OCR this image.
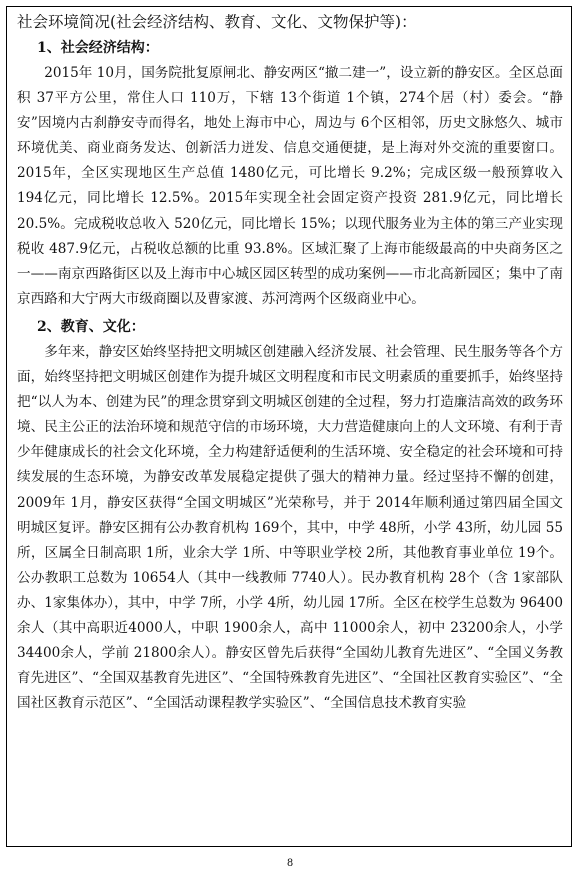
社会环境简况(社会经济结构、教育、文化、文物保护等)：
1、社会经济结构：

2015年 10月，国务院批复原闸北、静安两区“撤二建一”，设立新的静安区。全区总面积 37平方公里，常住人口 110万，下辖 13个街道 1个镇，274个居（村）委会。“静安”因境内古刹静安寺而得名，地处上海市中心，周边与 6个区相邻，历史文脉悠久、城市环境优美、商业商务发达、创新活力迸发、信息交通便捷，是上海对外交流的重要窗口。2015年，全区实现地区生产总值 1480亿元，可比增长 9.2%；完成区级一般预算收入 194亿元，同比增长 12.5%。2015年实现全社会固定资产投资 281.9亿元，同比增长 20.5%。完成税收总收入 520亿元，同比增长 15%；以现代服务业为主体的第三产业实现税收 487.9亿元，占税收总额的比重 93.8%。区域汇聚了上海市能级最高的中央商务区之一——南京西路街区以及上海市中心城区园区转型的成功案例——市北高新园区；集中了南京西路和大宁两大市级商圈以及曹家渡、苏河湾两个区级商业中心。

2、教育、文化：

多年来，静安区始终坚持把文明城区创建融入经济发展、社会管理、民生服务等各个方面，始终坚持把文明城区创建作为提升城区文明程度和市民文明素质的重要抓手，始终坚持把“以人为本、创建为民”的理念贯穿到文明城区创建的全过程，努力打造廉洁高效的政务环境、民主公正的法治环境和规范守信的市场环境，大力营造健康向上的人文环境、有利于青少年健康成长的社会文化环境，全力构建舒适便利的生活环境、安全稳定的社会环境和可持续发展的生态环境，为静安改革发展稳定提供了强大的精神力量。经过坚持不懈的创建，2009年 1月，静安区获得“全国文明城区”光荣称号，并于 2014年顺利通过第四届全国文明城区复评。静安区拥有公办教育机构 169个，其中，中学 48所，小学 43所，幼儿园 55所，区属全日制高职 1所，业余大学 1所、中等职业学校 2所，其他教育事业单位 19个。公办教职工总数为 10654人（其中一线教师 7740人）。民办教育机构 28个（含 1家部队办、1家集体办），其中，中学 7所，小学 4所，幼儿园 17所。全区在校学生总数为 96400余人（其中高职近4000人，中职 1900余人，高中 11000余人，初中 23200余人，小学 34400余人，学前 21800余人）。静安区曾先后获得“全国幼儿教育先进区”、“全国义务教育先进区”、“全国双基教育先进区”、“全国特殊教育先进区”、“全国社区教育实验区”、“全国社区教育示范区”、“全国活动课程教学实验区”、“全国信息技术教育实验

8
